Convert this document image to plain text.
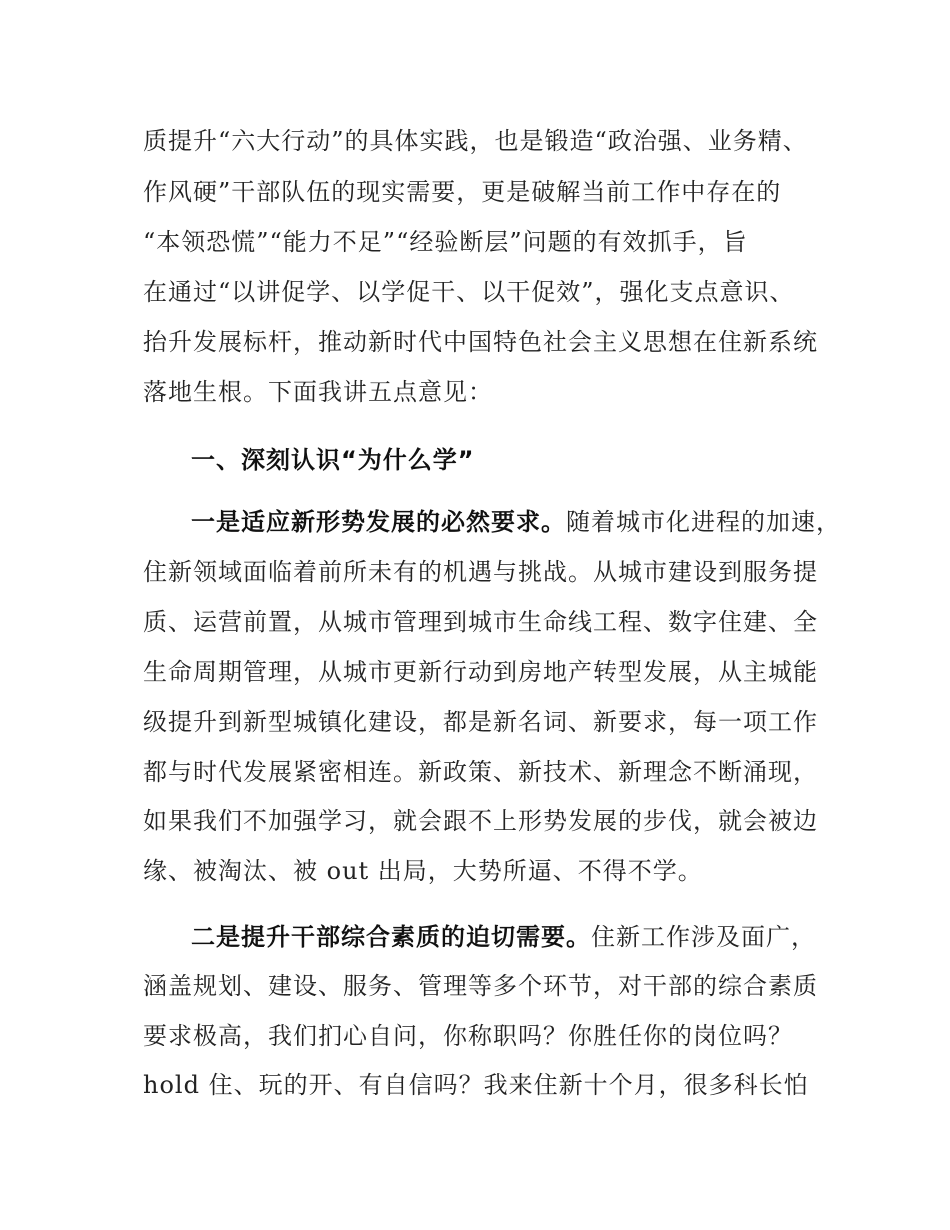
质提升“六大行动”的具体实践，也是锻造“政治强、业务精、
作风硬”干部队伍的现实需要，更是破解当前工作中存在的
“本领恐慌”“能力不足”“经验断层”问题的有效抓手，旨
在通过“以讲促学、以学促干、以干促效”，强化支点意识、
抬升发展标杆，推动新时代中国特色社会主义思想在住新系统
落地生根。下面我讲五点意见：
一、深刻认识“为什么学”
一是适应新形势发展的必然要求。随着城市化进程的加速，
住新领域面临着前所未有的机遇与挑战。从城市建设到服务提
质、运营前置，从城市管理到城市生命线工程、数字住建、全
生命周期管理，从城市更新行动到房地产转型发展，从主城能
级提升到新型城镇化建设，都是新名词、新要求，每一项工作
都与时代发展紧密相连。新政策、新技术、新理念不断涌现，
如果我们不加强学习，就会跟不上形势发展的步伐，就会被边
缘、被淘汰、被 out 出局，大势所逼、不得不学。
二是提升干部综合素质的迫切需要。住新工作涉及面广，
涵盖规划、建设、服务、管理等多个环节，对干部的综合素质
要求极高，我们扪心自问，你称职吗？你胜任你的岗位吗？
hold 住、玩的开、有自信吗？我来住新十个月，很多科长怕
